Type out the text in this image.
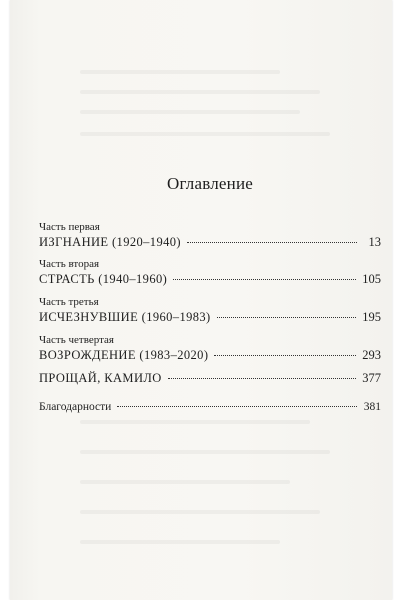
Оглавление
Часть первая
ИЗГНАНИЕ (1920–1940)	13
Часть вторая
СТРАСТЬ (1940–1960)	105
Часть третья
ИСЧЕЗНУВШИЕ (1960–1983)	195
Часть четвертая
ВОЗРОЖДЕНИЕ (1983–2020)	293
ПРОЩАЙ, КАМИЛО	377
Благодарности	381
